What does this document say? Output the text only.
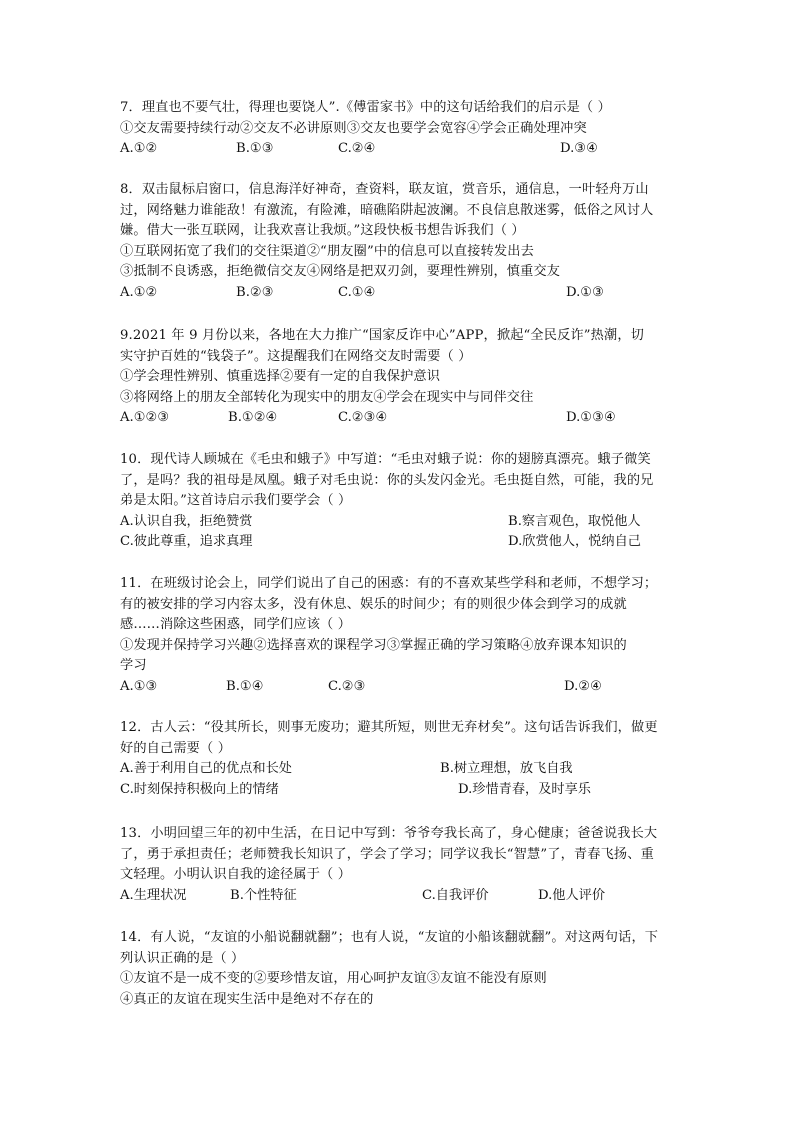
7．理直也不要气壮，得理也要饶人”.《傅雷家书》中的这句话给我们的启示是（ ）
①交友需要持续行动②交友不必讲原则③交友也要学会宽容④学会正确处理冲突
A.①②	B.①③	C.②④	D.③④
8．双击鼠标启窗口，信息海洋好神奇，查资料，联友谊，赏音乐，通信息，一叶轻舟万山
过，网络魅力谁能敌！有激流，有险滩，暗礁陷阱起波澜。不良信息散迷雾，低俗之风讨人
嫌。借大一张互联网，让我欢喜让我烦。”这段快板书想告诉我们（ ）
①互联网拓宽了我们的交往渠道②“朋友圈”中的信息可以直接转发出去
③抵制不良诱惑，拒绝微信交友④网络是把双刃剑，要理性辨别，慎重交友
A.①②	B.②③	C.①④	D.①③
9.2021 年 9 月份以来，各地在大力推广“国家反诈中心”APP，掀起“全民反诈”热潮，切
实守护百姓的“钱袋子”。这提醒我们在网络交友时需要（ ）
①学会理性辨别、慎重选择②要有一定的自我保护意识
③将网络上的朋友全部转化为现实中的朋友④学会在现实中与同伴交往
A.①②③	B.①②④	C.②③④	D.①③④
10．现代诗人顾城在《毛虫和蛾子》中写道：“毛虫对蛾子说：你的翅膀真漂亮。蛾子微笑
了，是吗？我的祖母是凤凰。蛾子对毛虫说：你的头发闪金光。毛虫挺自然，可能，我的兄
弟是太阳。”这首诗启示我们要学会（ ）
A.认识自我，拒绝赞赏	B.察言观色，取悦他人
C.彼此尊重，追求真理	D.欣赏他人，悦纳自己
11．在班级讨论会上，同学们说出了自己的困惑：有的不喜欢某些学科和老师，不想学习；
有的被安排的学习内容太多，没有休息、娱乐的时间少；有的则很少体会到学习的成就
感……消除这些困惑，同学们应该（ ）
①发现并保持学习兴趣②选择喜欢的课程学习③掌握正确的学习策略④放弃课本知识的
学习
A.①③	B.①④	C.②③	D.②④
12．古人云：“役其所长，则事无废功；避其所短，则世无弃材矣”。这句话告诉我们，做更
好的自己需要（ ）
A.善于利用自己的优点和长处	B.树立理想，放飞自我
C.时刻保持积极向上的情绪	D.珍惜青春，及时享乐
13．小明回望三年的初中生活，在日记中写到：爷爷夸我长高了，身心健康；爸爸说我长大
了，勇于承担责任；老师赞我长知识了，学会了学习；同学议我长“智慧”了，青春飞扬、重
文轻理。小明认识自我的途径属于（ ）
A.生理状况	B.个性特征	C.自我评价	D.他人评价
14．有人说，“友谊的小船说翻就翻”；也有人说，“友谊的小船该翻就翻”。对这两句话，下
列认识正确的是（ ）
①友谊不是一成不变的②要珍惜友谊，用心呵护友谊③友谊不能没有原则
④真正的友谊在现实生活中是绝对不存在的
